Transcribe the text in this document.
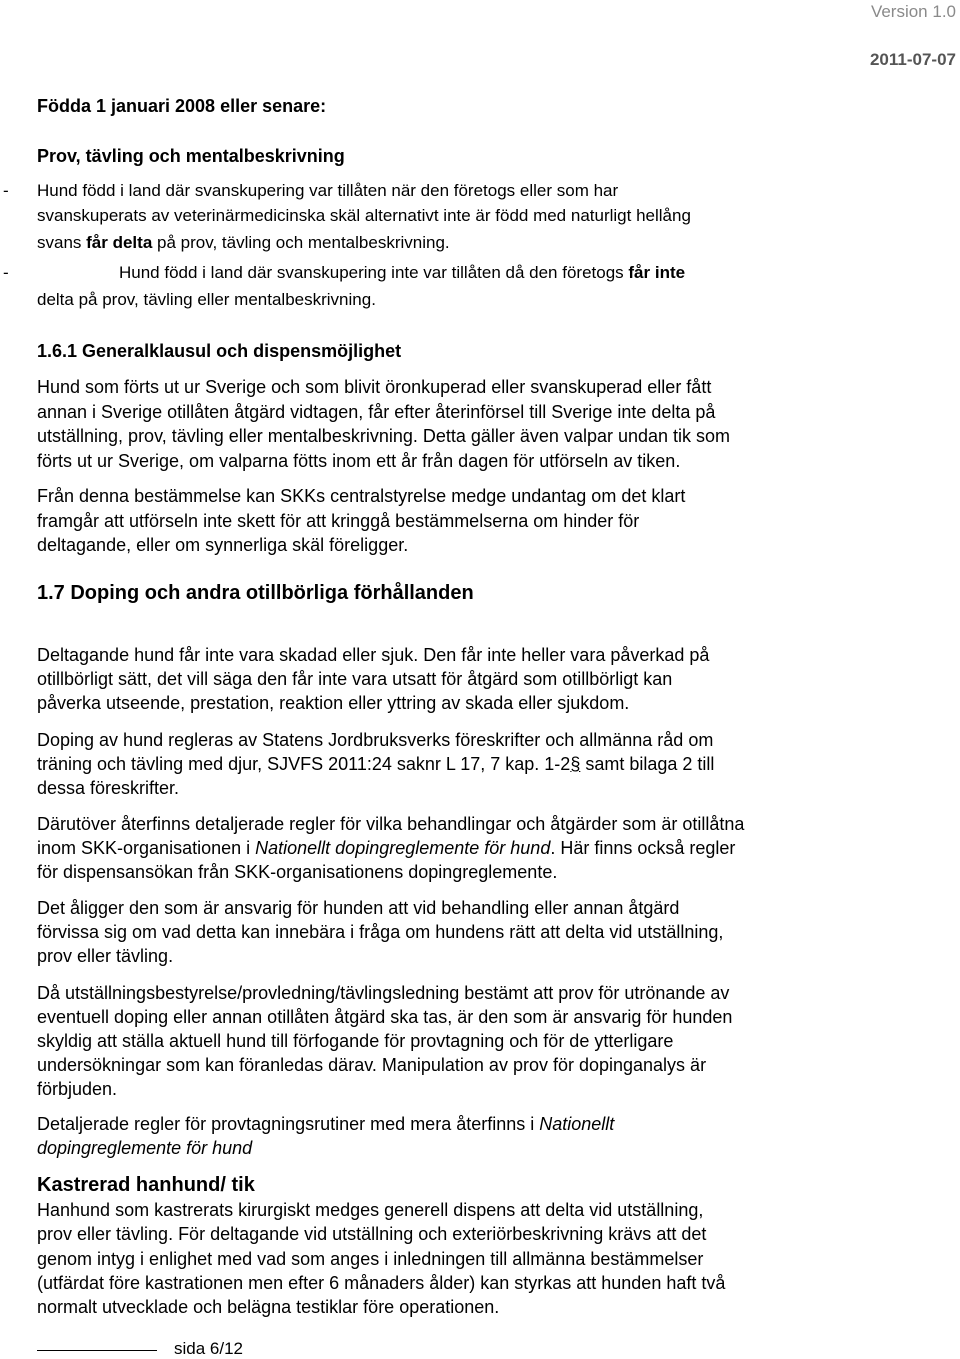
Version 1.0
2011-07-07
Födda 1 januari 2008 eller senare:
Prov, tävling och mentalbeskrivning
- Hund född i land där svanskupering var tillåten när den företogs eller som har
svanskuperats av veterinärmedicinska skäl alternativt inte är född med naturligt hellång
svans får delta på prov, tävling och mentalbeskrivning.
-	Hund född i land där svanskupering inte var tillåten då den företogs får inte
delta på prov, tävling eller mentalbeskrivning.
1.6.1 Generalklausul och dispensmöjlighet
Hund som förts ut ur Sverige och som blivit öronkuperad eller svanskuperad eller fått
annan i Sverige otillåten åtgärd vidtagen, får efter återinförsel till Sverige inte delta på
utställning, prov, tävling eller mentalbeskrivning. Detta gäller även valpar undan tik som
förts ut ur Sverige, om valparna fötts inom ett år från dagen för utförseln av tiken.
Från denna bestämmelse kan SKKs centralstyrelse medge undantag om det klart
framgår att utförseln inte skett för att kringgå bestämmelserna om hinder för
deltagande, eller om synnerliga skäl föreligger.
1.7 Doping och andra otillbörliga förhållanden
Deltagande hund får inte vara skadad eller sjuk. Den får inte heller vara påverkad på
otillbörligt sätt, det vill säga den får inte vara utsatt för åtgärd som otillbörligt kan
påverka utseende, prestation, reaktion eller yttring av skada eller sjukdom.
Doping av hund regleras av Statens Jordbruksverks föreskrifter och allmänna råd om
träning och tävling med djur, SJVFS 2011:24 saknr L 17, 7 kap. 1-2§ samt bilaga 2 till
dessa föreskrifter.
Därutöver återfinns detaljerade regler för vilka behandlingar och åtgärder som är otillåtna
inom SKK-organisationen i Nationellt dopingreglemente för hund. Här finns också regler
för dispensansökan från SKK-organisationens dopingreglemente.
Det åligger den som är ansvarig för hunden att vid behandling eller annan åtgärd
förvissa sig om vad detta kan innebära i fråga om hundens rätt att delta vid utställning,
prov eller tävling.
Då utställningsbestyrelse/provledning/tävlingsledning bestämt att prov för utrönande av
eventuell doping eller annan otillåten åtgärd ska tas, är den som är ansvarig för hunden
skyldig att ställa aktuell hund till förfogande för provtagning och för de ytterligare
undersökningar som kan föranledas därav. Manipulation av prov för dopinganalys är
förbjuden.
Detaljerade regler för provtagningsrutiner med mera återfinns i Nationellt
dopingreglemente för hund
Kastrerad hanhund/ tik
Hanhund som kastrerats kirurgiskt medges generell dispens att delta vid utställning,
prov eller tävling. För deltagande vid utställning och exteriörbeskrivning krävs att det
genom intyg i enlighet med vad som anges i inledningen till allmänna bestämmelser
(utfärdat före kastrationen men efter 6 månaders ålder) kan styrkas att hunden haft två
normalt utvecklade och belägna testiklar före operationen.
sida 6/12
